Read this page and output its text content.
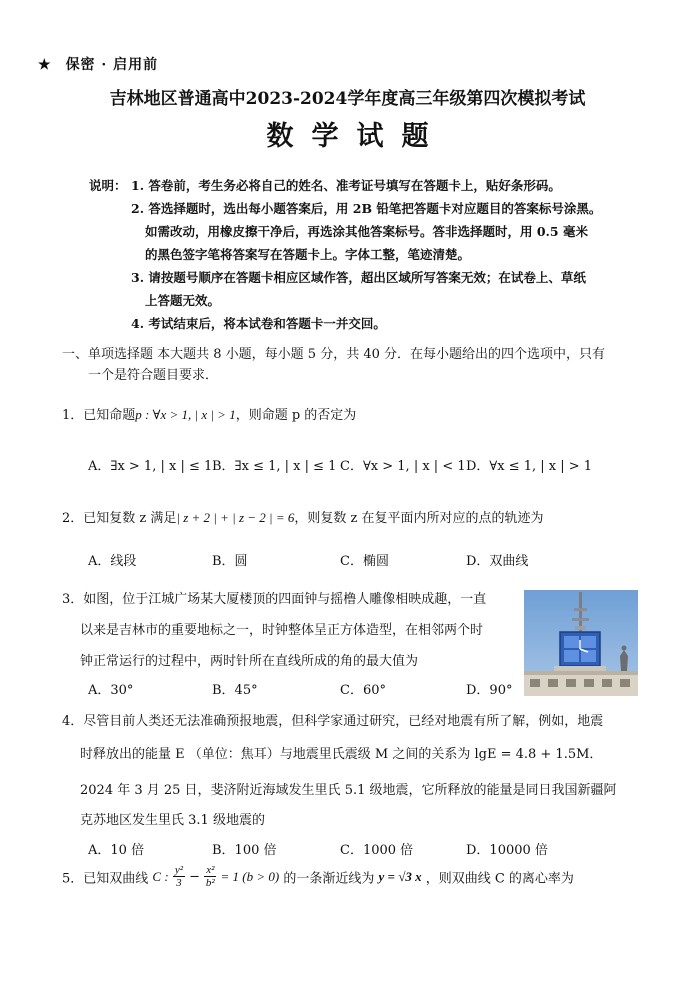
★ 保密 · 启用前
吉林地区普通高中2023-2024学年度高三年级第四次模拟考试
数学试题
说明： 1. 答卷前，考生务必将自己的姓名、准考证号填写在答题卡上，贴好条形码。
2. 答选择题时，选出每小题答案后，用 2B 铅笔把答题卡对应题目的答案标号涂黑。
如需改动，用橡皮擦干净后，再选涂其他答案标号。答非选择题时，用 0.5 毫米
的黑色签字笔将答案写在答题卡上。字体工整，笔迹清楚。
3. 请按题号顺序在答题卡相应区域作答，超出区域所写答案无效；在试卷上、草纸
上答题无效。
4. 考试结束后，将本试卷和答题卡一并交回。
一、单项选择题 本大题共 8 小题，每小题 5 分，共 40 分．在每小题给出的四个选项中，只有
一个是符合题目要求．
1．已知命题p : ∀x > 1, | x | > 1，则命题 p 的否定为
A．∃x > 1, | x | ≤ 1 B．∃x ≤ 1, | x | ≤ 1 C．∀x > 1, | x | < 1 D．∀x ≤ 1, | x | > 1
2．已知复数 z 满足| z + 2 | + | z − 2 | = 6，则复数 z 在复平面内所对应的点的轨迹为
A．线段	B．圆	C．椭圆	D．双曲线
3．如图，位于江城广场某大厦楼顶的四面钟与摇橹人雕像相映成趣，一直
以来是吉林市的重要地标之一，时钟整体呈正方体造型，在相邻两个时
钟正常运行的过程中，两时针所在直线所成的角的最大值为
A．30°	B．45°	C．60°	D．90°
4．尽管目前人类还无法准确预报地震，但科学家通过研究，已经对地震有所了解，例如，地震
时释放出的能量 E （单位：焦耳）与地震里氏震级 M 之间的关系为 lgE = 4.8 + 1.5M．
2024 年 3 月 25 日，斐济附近海域发生里氏 5.1 级地震，它所释放的能量是同日我国新疆阿
克苏地区发生里氏 3.1 级地震的
A．10 倍	B．100 倍	C．1000 倍	D．10000 倍
5．已知双曲线 C : $\frac{\text{y²}}{3} - \frac{\text{x²}}{\text{b²}} = 1$ (b > 0) 的一条渐近线为 y = √3 x ，则双曲线 C 的离心率为
